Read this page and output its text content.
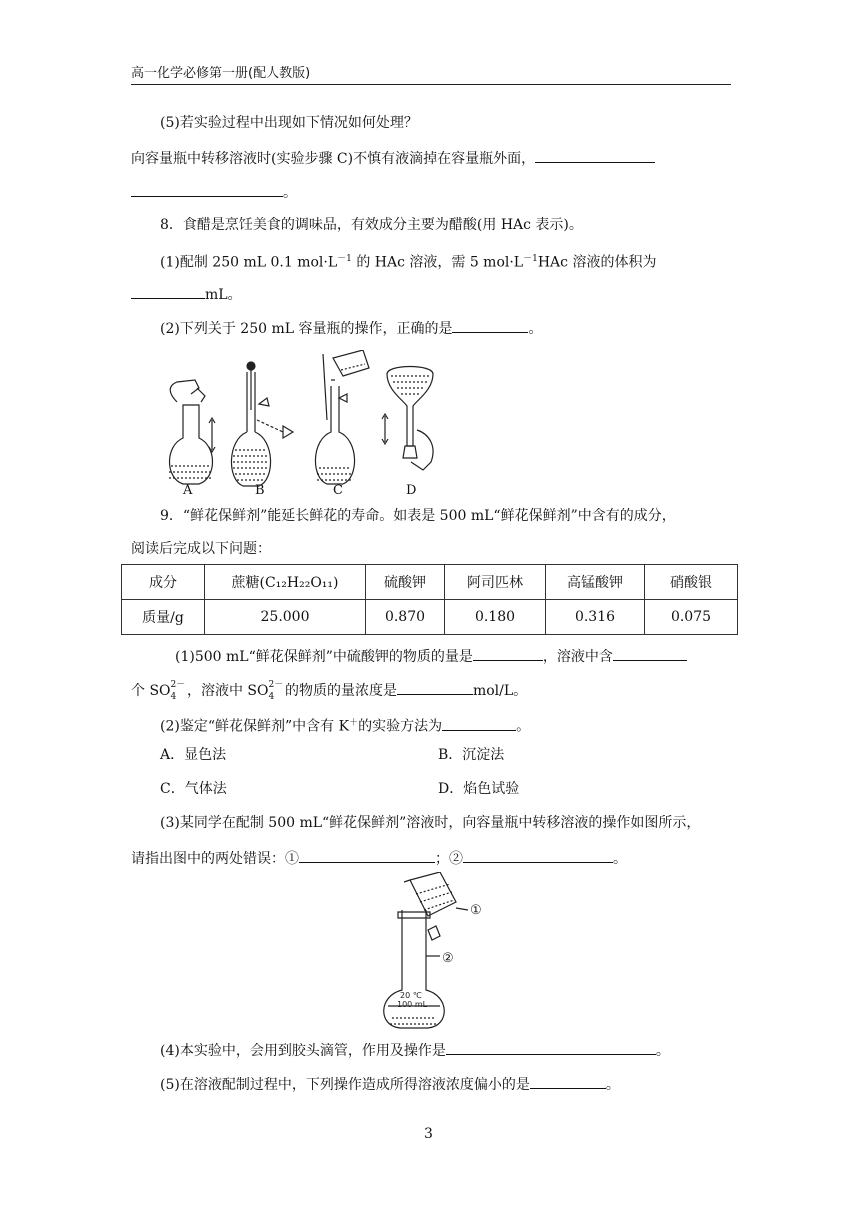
高一化学必修第一册(配人教版)
(5)若实验过程中出现如下情况如何处理？
向容量瓶中转移溶液时(实验步骤 C)不慎有液滴掉在容量瓶外面，
。
8．食醋是烹饪美食的调味品，有效成分主要为醋酸(用 HAc 表示)。
(1)配制 250 mL 0.1 $mol\cdot L^{-1}$ 的 HAc 溶液，需 5 $mol\cdot L^{-1}HAc$ 溶液的体积为
mL。
(2)下列关于 250 mL 容量瓶的操作，正确的是	。
A	B	C	D
9．“鲜花保鲜剂”能延长鲜花的寿命。如表是 500 mL“鲜花保鲜剂”中含有的成分，
阅读后完成以下问题：
成分	蔗糖(C₁₂H₂₂O₁₁)	硫酸钾	阿司匹林	高锰酸钾	硝酸银
质量/g	25.000	0.870	0.180	0.316	0.075
(1)500 mL“鲜花保鲜剂”中硫酸钾的物质的量是	，溶液中含
个 SO 2－
4 ，溶液中 SO 2－
4 的物质的量浓度是	mol/L。
(2)鉴定“鲜花保鲜剂”中含有 K＋的实验方法为	。
A．显色法	B．沉淀法
C．气体法	D．焰色试验
(3)某同学在配制 500 mL“鲜花保鲜剂”溶液时，向容量瓶中转移溶液的操作如图所示，
请指出图中的两处错误：①	；②	。
①
②
20 ℃
100 mL
(4)本实验中，会用到胶头滴管，作用及操作是	。
(5)在溶液配制过程中，下列操作造成所得溶液浓度偏小的是	。
3
